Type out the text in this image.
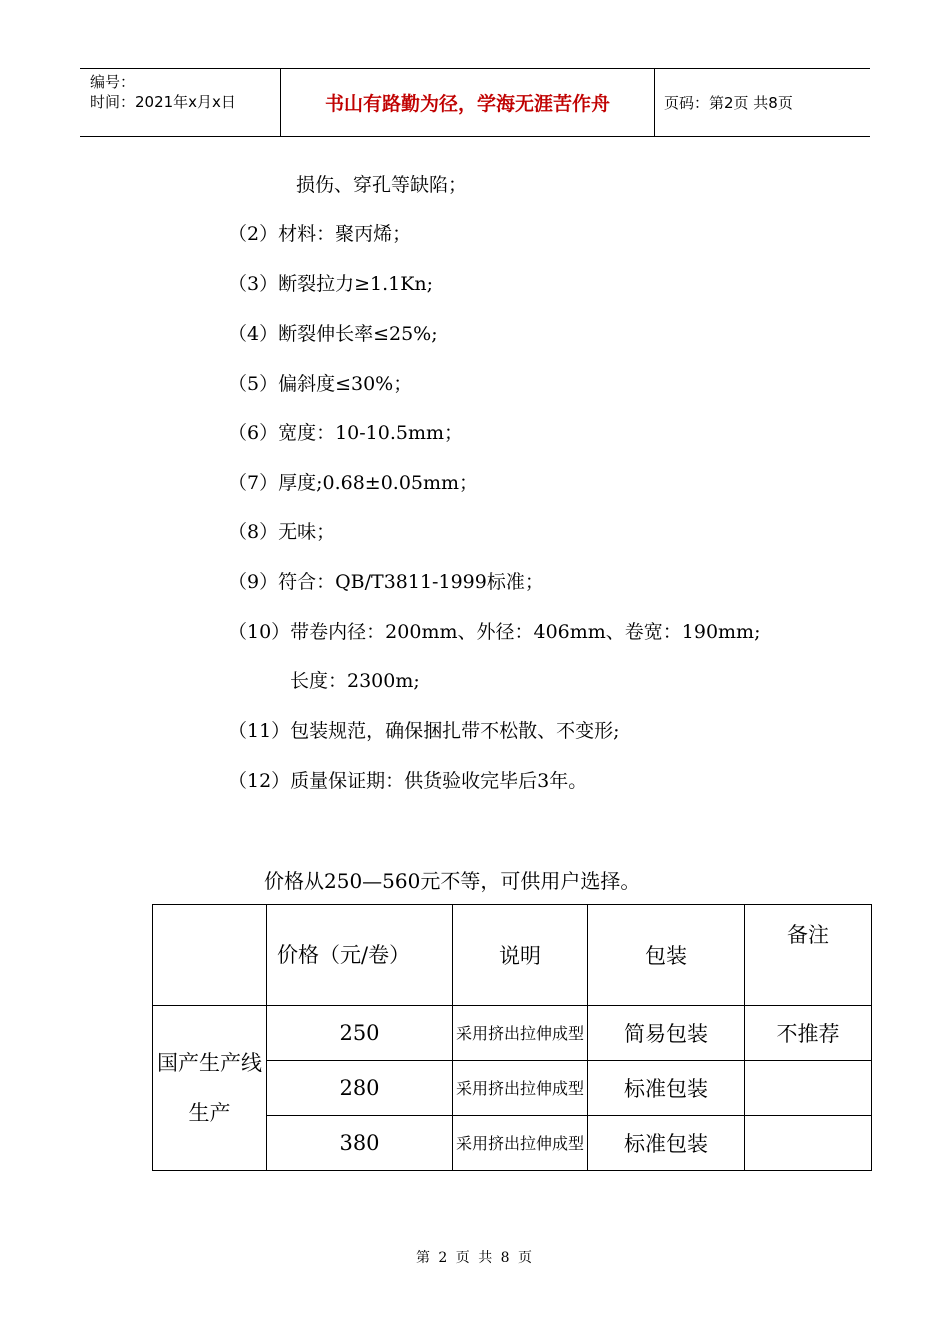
编号：
时间：2021年x月x日	书山有路勤为径，学海无涯苦作舟	页码：第2页 共8页
损伤、穿孔等缺陷；
（2）材料：聚丙烯；
（3）断裂拉力≥1.1Kn;
（4）断裂伸长率≤25%;
（5）偏斜度≤30%；
（6）宽度：10-10.5mm；
（7）厚度;0.68±0.05mm；
（8）无味；
（9）符合：QB/T3811-1999标准；
（10）带卷内径：200mm、外径：406mm、卷宽：190mm;
长度：2300m;
（11）包装规范，确保捆扎带不松散、不变形;
（12）质量保证期：供货验收完毕后3年。
价格从250—560元不等，可供用户选择。
	价格（元/卷）	说明	包装	备注
国产生产线生产	250	采用挤出拉伸成型	简易包装	不推荐
	280	采用挤出拉伸成型	标准包装	
	380	采用挤出拉伸成型	标准包装	
第 2 页 共 8 页
